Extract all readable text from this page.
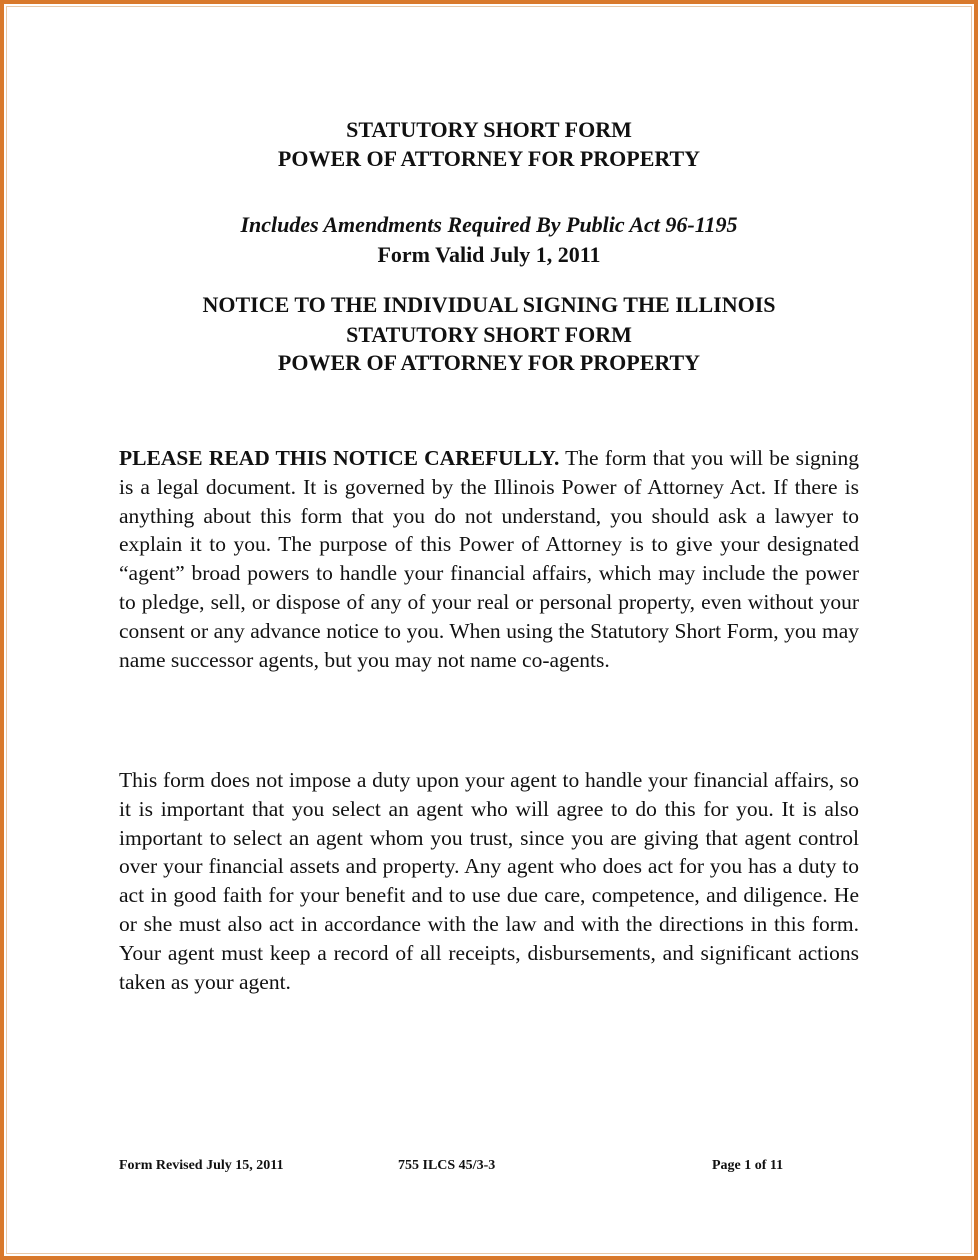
STATUTORY SHORT FORM
POWER OF ATTORNEY FOR PROPERTY
Includes Amendments Required By Public Act 96-1195
Form Valid July 1, 2011
NOTICE TO THE INDIVIDUAL SIGNING THE ILLINOIS
STATUTORY SHORT FORM
POWER OF ATTORNEY FOR PROPERTY

PLEASE READ THIS NOTICE CAREFULLY. The form that you will be signing is a legal document. It is governed by the Illinois Power of Attorney Act. If there is anything about this form that you do not understand, you should ask a lawyer to explain it to you. The purpose of this Power of Attorney is to give your designated “agent” broad powers to handle your financial affairs, which may include the power to pledge, sell, or dispose of any of your real or personal property, even without your consent or any advance notice to you. When using the Statutory Short Form, you may name successor agents, but you may not name co-agents.

This form does not impose a duty upon your agent to handle your financial affairs, so it is important that you select an agent who will agree to do this for you. It is also important to select an agent whom you trust, since you are giving that agent control over your financial assets and property. Any agent who does act for you has a duty to act in good faith for your benefit and to use due care, competence, and diligence. He or she must also act in accordance with the law and with the directions in this form. Your agent must keep a record of all receipts, disbursements, and significant actions taken as your agent.

Form Revised July 15, 2011	755 ILCS 45/3-3	Page 1 of 11
